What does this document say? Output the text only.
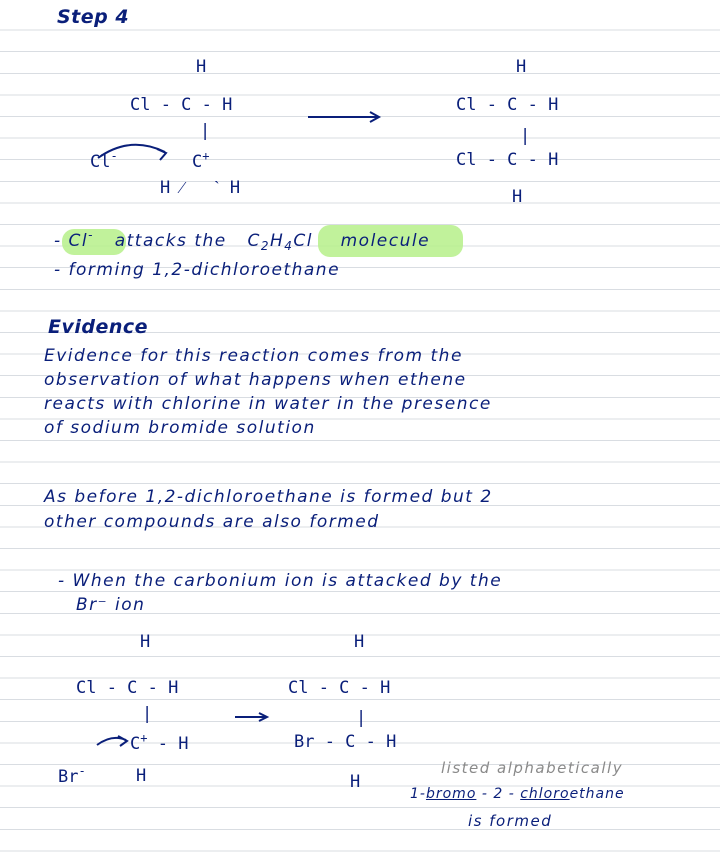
Step 4
H
Cl - C - H
|
Cl-	C+
H ⁄   ˋ H
H
Cl - C - H
|
Cl - C - H
H
- Cl- attacks the $C_2H_4Cl$ molecule
- forming 1,2-dichloroethane
Evidence
Evidence for this reaction comes from the
observation of what happens when ethene
reacts with chlorine in water in the presence
of sodium bromide solution
As before 1,2-dichloroethane is formed but 2
other compounds are also formed
- When the carbonium ion is attacked by the
Br⁻ ion
H
Cl - C - H
|
C+ - H
Br-	H
H
Cl - C - H
|
Br - C - H
H
listed alphabetically
1-bromo - 2 - chloroethane
is formed
